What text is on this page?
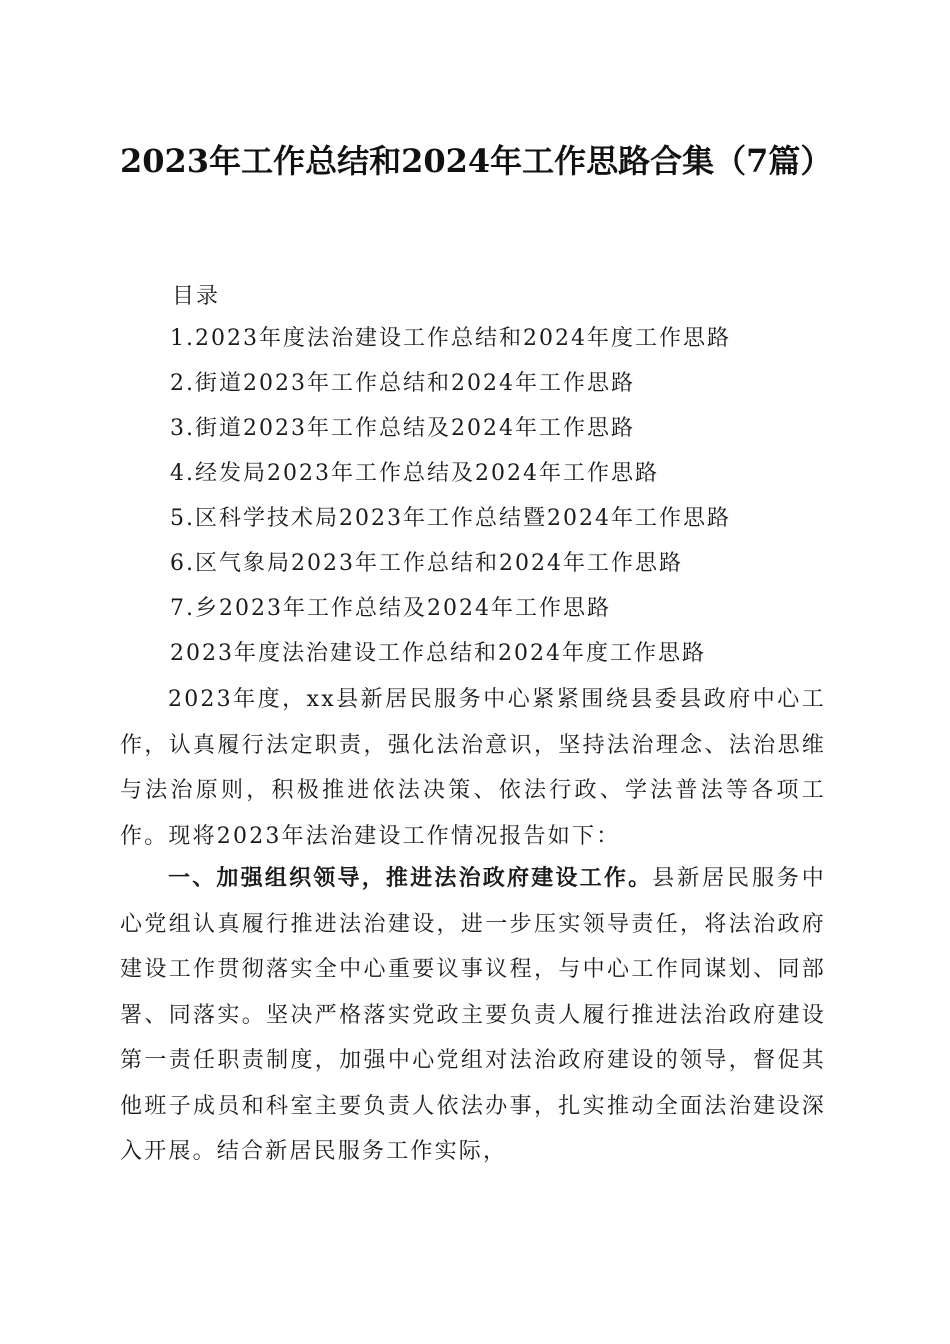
2023年工作总结和2024年工作思路合集（7篇）
目录
1.2023年度法治建设工作总结和2024年度工作思路
2.街道2023年工作总结和2024年工作思路
3.街道2023年工作总结及2024年工作思路
4.经发局2023年工作总结及2024年工作思路
5.区科学技术局2023年工作总结暨2024年工作思路
6.区气象局2023年工作总结和2024年工作思路
7.乡2023年工作总结及2024年工作思路
2023年度法治建设工作总结和2024年度工作思路

2023年度，xx县新居民服务中心紧紧围绕县委县政府中心工作，认真履行法定职责，强化法治意识，坚持法治理念、法治思维与法治原则，积极推进依法决策、依法行政、学法普法等各项工作。现将2023年法治建设工作情况报告如下：

一、加强组织领导，推进法治政府建设工作。县新居民服务中心党组认真履行推进法治建设，进一步压实领导责任，将法治政府建设工作贯彻落实全中心重要议事议程，与中心工作同谋划、同部署、同落实。坚决严格落实党政主要负责人履行推进法治政府建设第一责任职责制度，加强中心党组对法治政府建设的领导，督促其他班子成员和科室主要负责人依法办事，扎实推动全面法治建设深入开展。结合新居民服务工作实际，
